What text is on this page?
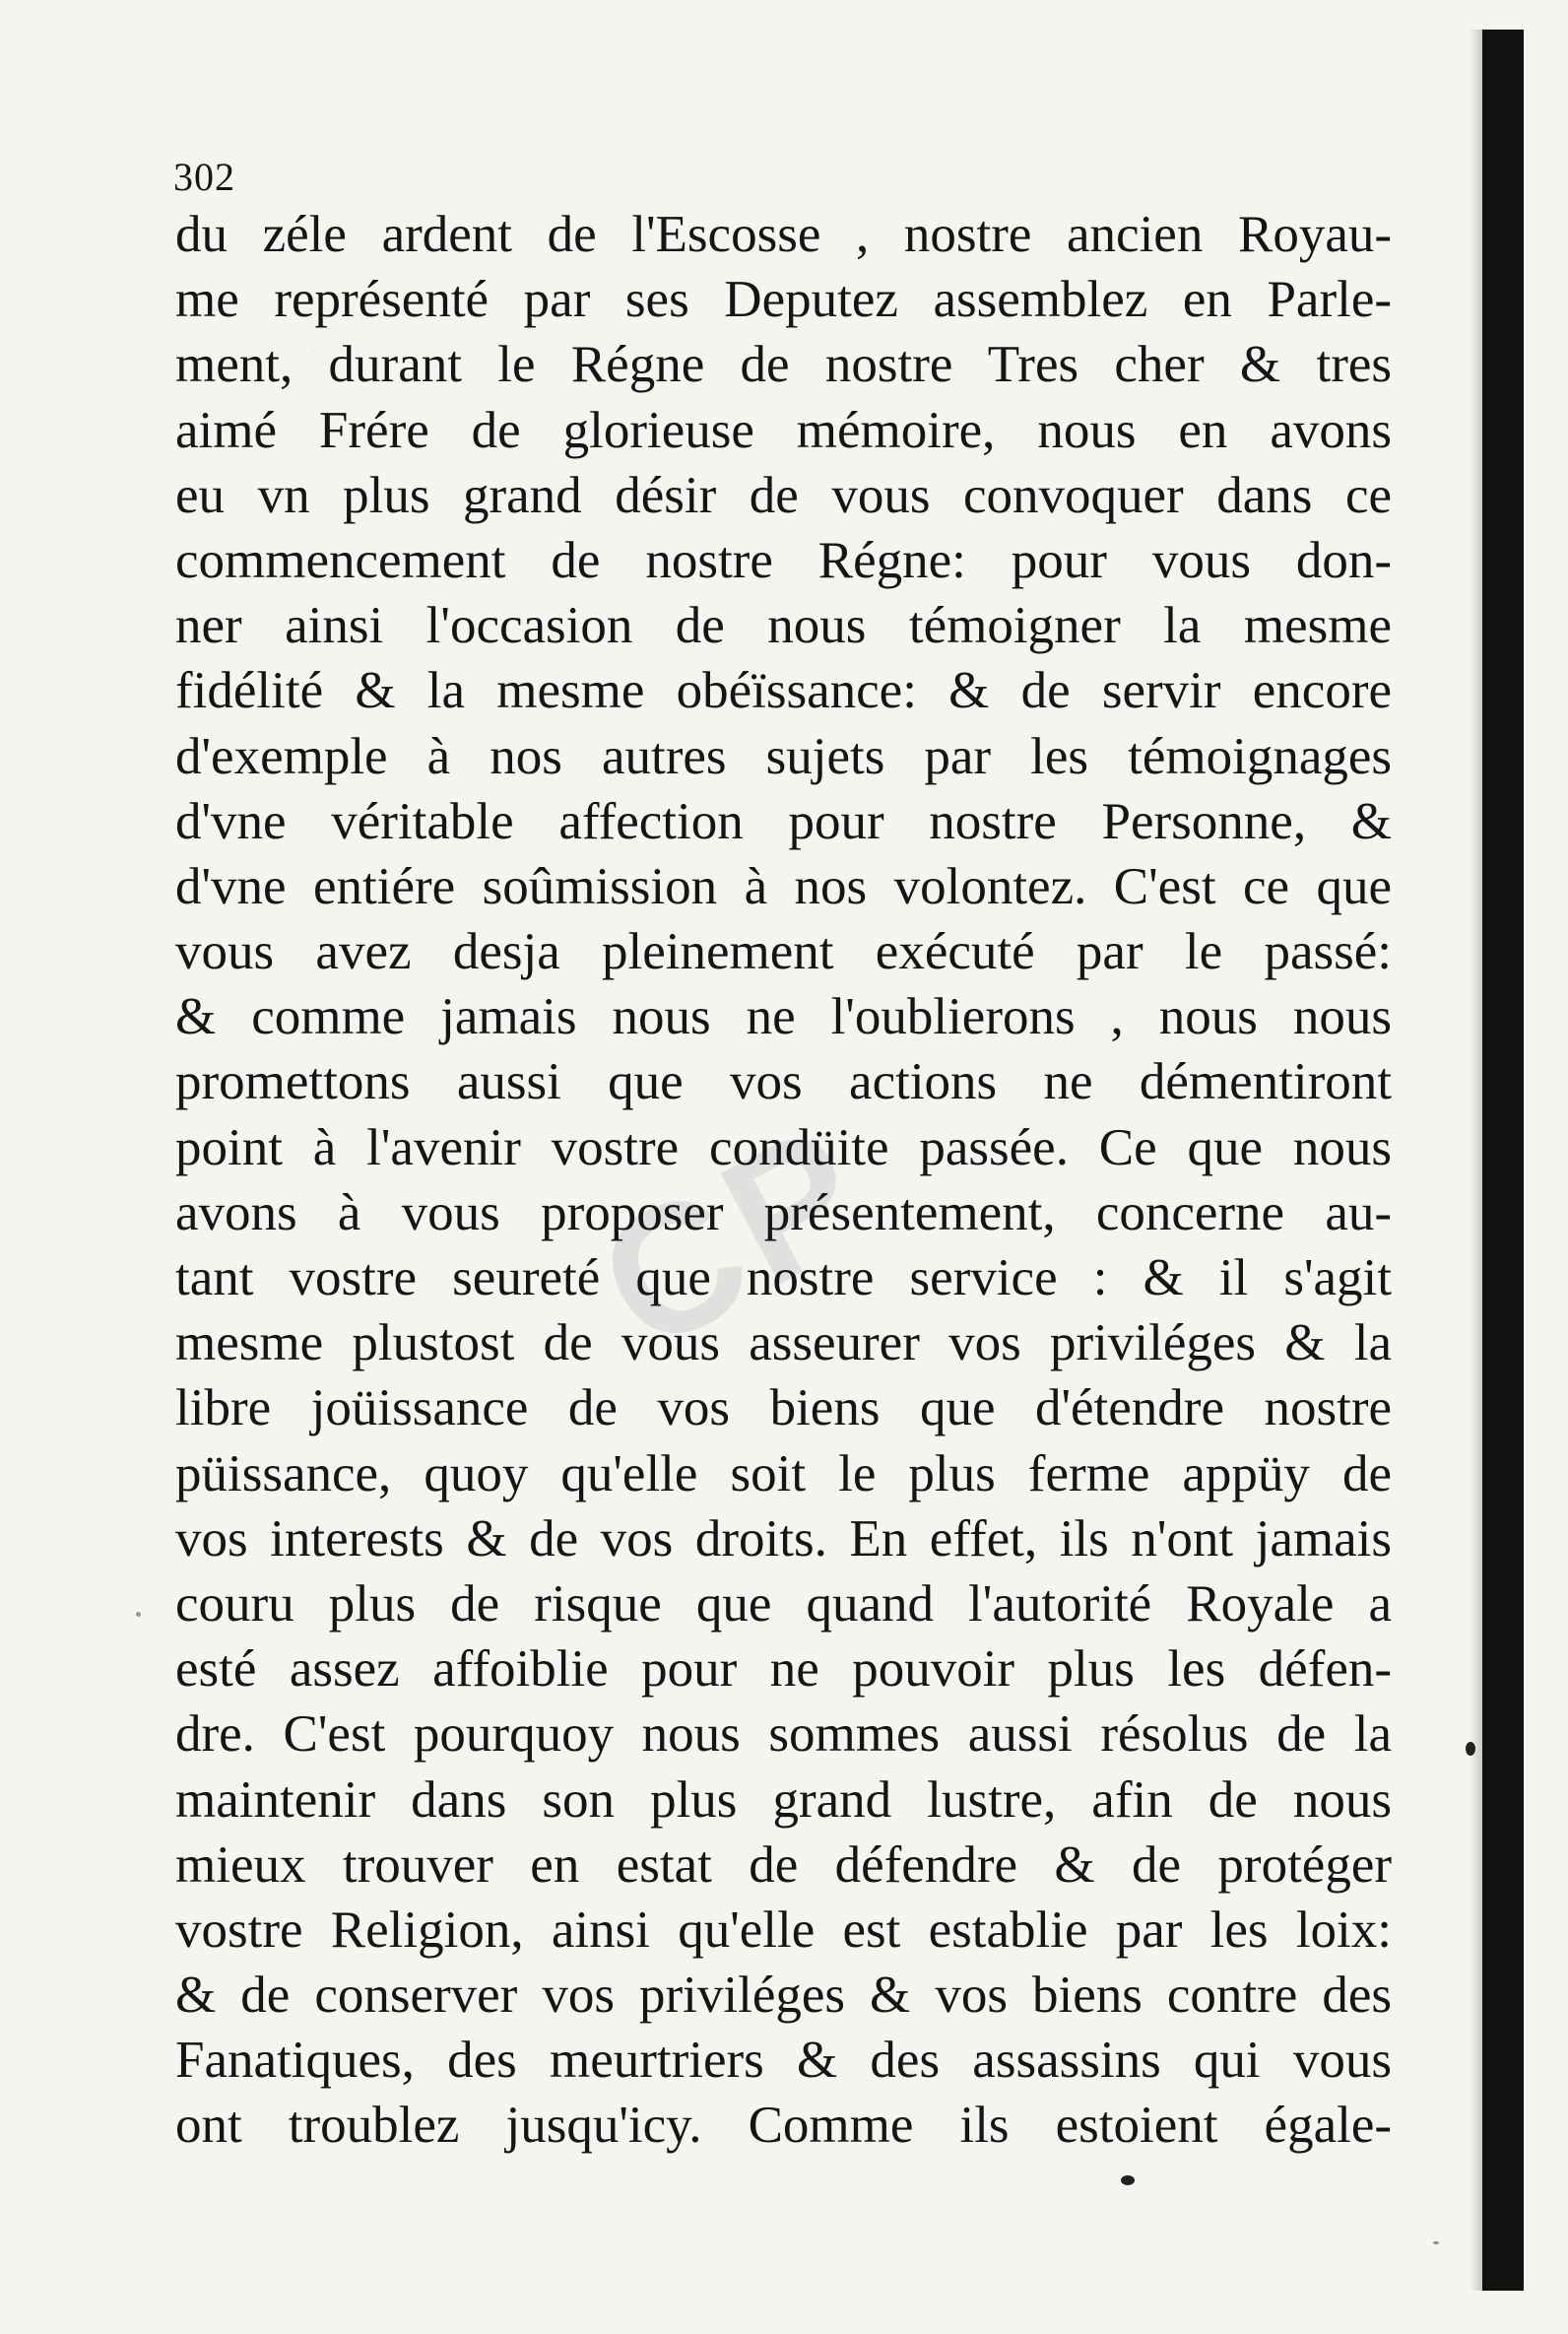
CP
302
du zéle ardent de l'Escosse , nostre ancien Royau-
me représenté par ses Deputez assemblez en Parle-
ment, durant le Régne de nostre Tres cher & tres
aimé Frére de glorieuse mémoire, nous en avons
eu vn plus grand désir de vous convoquer dans ce
commencement de nostre Régne: pour vous don-
ner ainsi l'occasion de nous témoigner la mesme
fidélité & la mesme obéïssance: & de servir encore
d'exemple à nos autres sujets par les témoignages
d'vne véritable affection pour nostre Personne, &
d'vne entiére soûmission à nos volontez. C'est ce que
vous avez desja pleinement exécuté par le passé:
& comme jamais nous ne l'oublierons , nous nous
promettons aussi que vos actions ne démentiront
point à l'avenir vostre condüite passée. Ce que nous
avons à vous proposer présentement, concerne au-
tant vostre seureté que nostre service : & il s'agit
mesme plustost de vous asseurer vos priviléges & la
libre joüissance de vos biens que d'étendre nostre
püissance, quoy qu'elle soit le plus ferme appüy de
vos interests & de vos droits. En effet, ils n'ont jamais
couru plus de risque que quand l'autorité Royale a
esté assez affoiblie pour ne pouvoir plus les défen-
dre. C'est pourquoy nous sommes aussi résolus de la
maintenir dans son plus grand lustre, afin de nous
mieux trouver en estat de défendre & de protéger
vostre Religion, ainsi qu'elle est establie par les loix:
& de conserver vos priviléges & vos biens contre des
Fanatiques, des meurtriers & des assassins qui vous
ont troublez jusqu'icy. Comme ils estoient égale-
